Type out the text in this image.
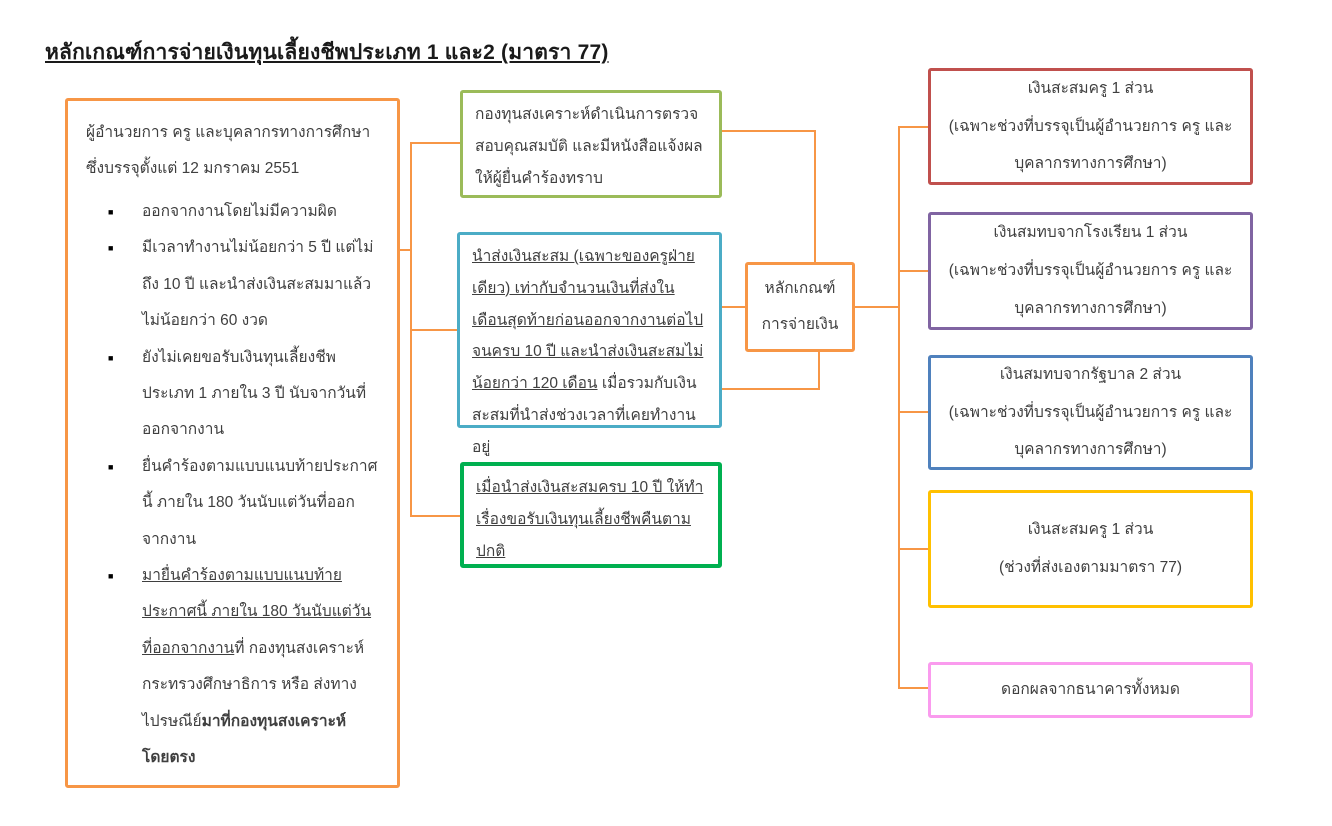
หลักเกณฑ์การจ่ายเงินทุนเลี้ยงชีพประเภท 1 และ2 (มาตรา 77)
ผู้อำนวยการ ครู และบุคลากรทางการศึกษาซึ่งบรรจุตั้งแต่ 12 มกราคม 2551
■	ออกจากงานโดยไม่มีความผิด
■	มีเวลาทำงานไม่น้อยกว่า 5 ปี แต่ไม่ถึง 10 ปี และนำส่งเงินสะสมมาแล้วไม่น้อยกว่า 60 งวด
■	ยังไม่เคยขอรับเงินทุนเลี้ยงชีพประเภท 1 ภายใน 3 ปี นับจากวันที่ออกจากงาน
■	ยื่นคำร้องตามแบบแนบท้ายประกาศนี้ ภายใน 180 วันนับแต่วันที่ออกจากงาน
■	มายื่นคำร้องตามแบบแนบท้ายประกาศนี้ ภายใน 180 วันนับแต่วันที่ออกจากงานที่ กองทุนสงเคราะห์ กระทรวงศึกษาธิการ หรือ ส่งทางไปรษณีย์มาที่กองทุนสงเคราะห์โดยตรง
กองทุนสงเคราะห์ดำเนินการตรวจสอบคุณสมบัติ และมีหนังสือแจ้งผลให้ผู้ยื่นคำร้องทราบ
นำส่งเงินสะสม (เฉพาะของครูฝ่ายเดียว) เท่ากับจำนวนเงินที่ส่งในเดือนสุดท้ายก่อนออกจากงานต่อไปจนครบ 10 ปี และนำส่งเงินสะสมไม่น้อยกว่า 120 เดือน เมื่อรวมกับเงินสะสมที่นำส่งช่วงเวลาที่เคยทำงานอยู่
เมื่อนำส่งเงินสะสมครบ 10 ปี ให้ทำเรื่องขอรับเงินทุนเลี้ยงชีพคืนตามปกติ
หลักเกณฑ์
การจ่ายเงิน
เงินสะสมครู 1 ส่วน
(เฉพาะช่วงที่บรรจุเป็นผู้อำนวยการ ครู และบุคลากรทางการศึกษา)
เงินสมทบจากโรงเรียน 1 ส่วน
(เฉพาะช่วงที่บรรจุเป็นผู้อำนวยการ ครู และบุคลากรทางการศึกษา)
เงินสมทบจากรัฐบาล 2 ส่วน
(เฉพาะช่วงที่บรรจุเป็นผู้อำนวยการ ครู และบุคลากรทางการศึกษา)
เงินสะสมครู 1 ส่วน
(ช่วงที่ส่งเองตามมาตรา 77)
ดอกผลจากธนาคารทั้งหมด
